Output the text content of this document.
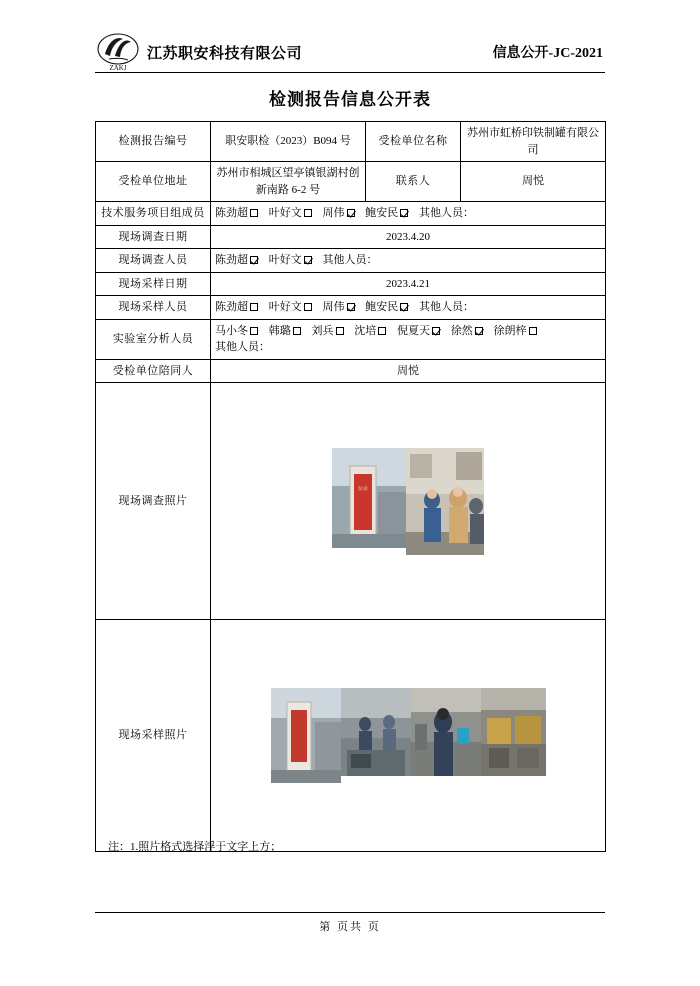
ZAKJ
江苏职安科技有限公司	信息公开-JC-2021
检测报告信息公开表
检测报告编号	职安职检（2023）B094 号	受检单位名称	苏州市虹桥印铁制罐有限公司
受检单位地址	苏州市相城区望亭镇银湖村创新南路 6-2 号	联系人	周悦
技术服务项目组成员	陈劲超 叶好文 周伟 鲍安民 其他人员：		
现场调查日期	2023.4.20		
现场调查人员	陈劲超 叶好文 其他人员：		
现场采样日期	2023.4.21		
现场采样人员	陈劲超 叶好文 周伟 鲍安民 其他人员：		
实验室分析人员	马小冬 韩璐 刘兵 沈培 倪夏天 徐然 徐朗梓
其他人员：		

受检单位陪同人	周悦		
现场调查照片	公示		

现场采样照片	
注：1.照片格式选择浮于文字上方；
第 页共 页
